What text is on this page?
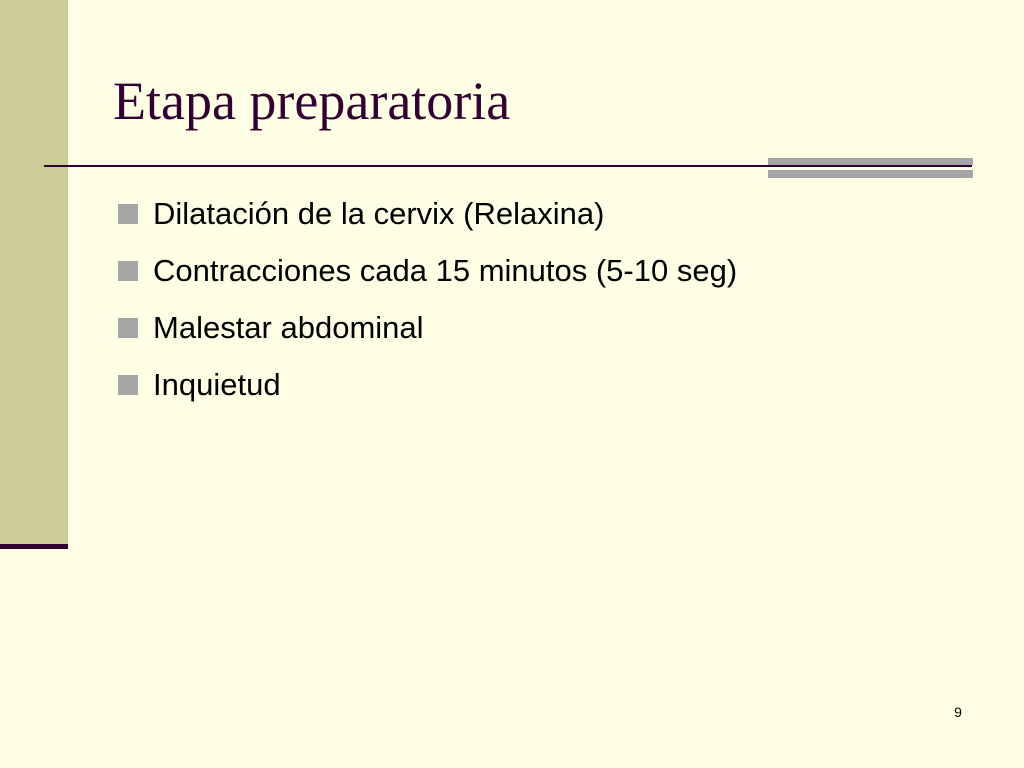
Etapa preparatoria
Dilatación de la cervix (Relaxina)
Contracciones cada 15 minutos (5-10 seg)
Malestar abdominal
Inquietud
9
